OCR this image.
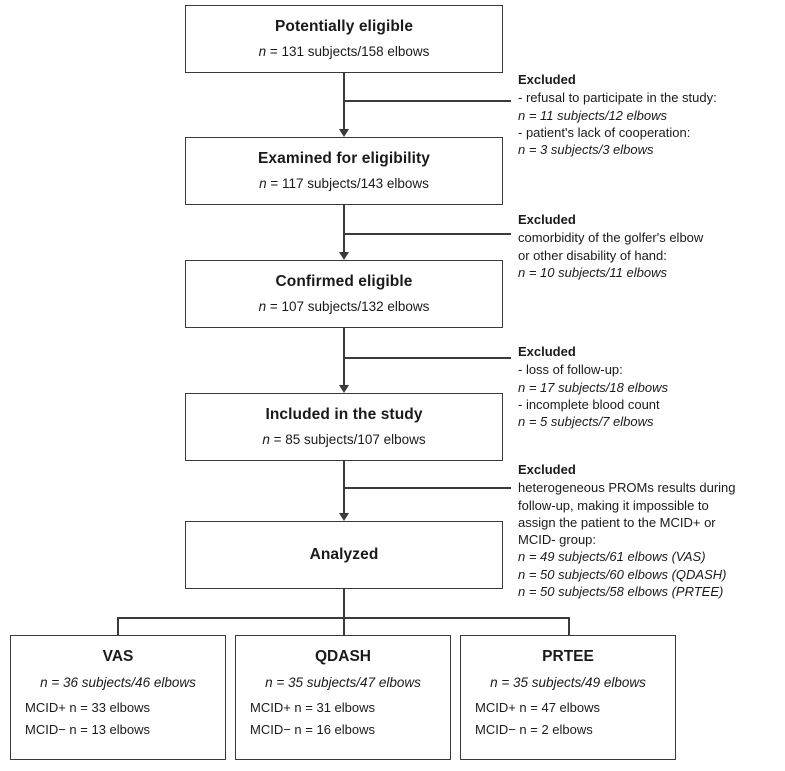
Potentially eligible
n = 131 subjects/158 elbows
Examined for eligibility
n = 117 subjects/143 elbows
Confirmed eligible
n = 107 subjects/132 elbows
Included in the study
n = 85 subjects/107 elbows
Analyzed
Excluded
- refusal to participate in the study:
n = 11 subjects/12 elbows
- patient's lack of cooperation:
n = 3 subjects/3 elbows
Excluded
comorbidity of the golfer's elbow
or other disability of hand:
n = 10 subjects/11 elbows
Excluded
- loss of follow-up:
n = 17 subjects/18 elbows
- incomplete blood count
n = 5 subjects/7 elbows
Excluded
heterogeneous PROMs results during
follow-up, making it impossible to
assign the patient to the MCID+ or
MCID- group:
n = 49 subjects/61 elbows (VAS)
n = 50 subjects/60 elbows (QDASH)
n = 50 subjects/58 elbows (PRTEE)
VAS
n = 36 subjects/46 elbows
MCID+ n = 33 elbows
MCID− n = 13 elbows
QDASH
n = 35 subjects/47 elbows
MCID+ n = 31 elbows
MCID− n = 16 elbows
PRTEE
n = 35 subjects/49 elbows
MCID+ n = 47 elbows
MCID− n = 2 elbows
